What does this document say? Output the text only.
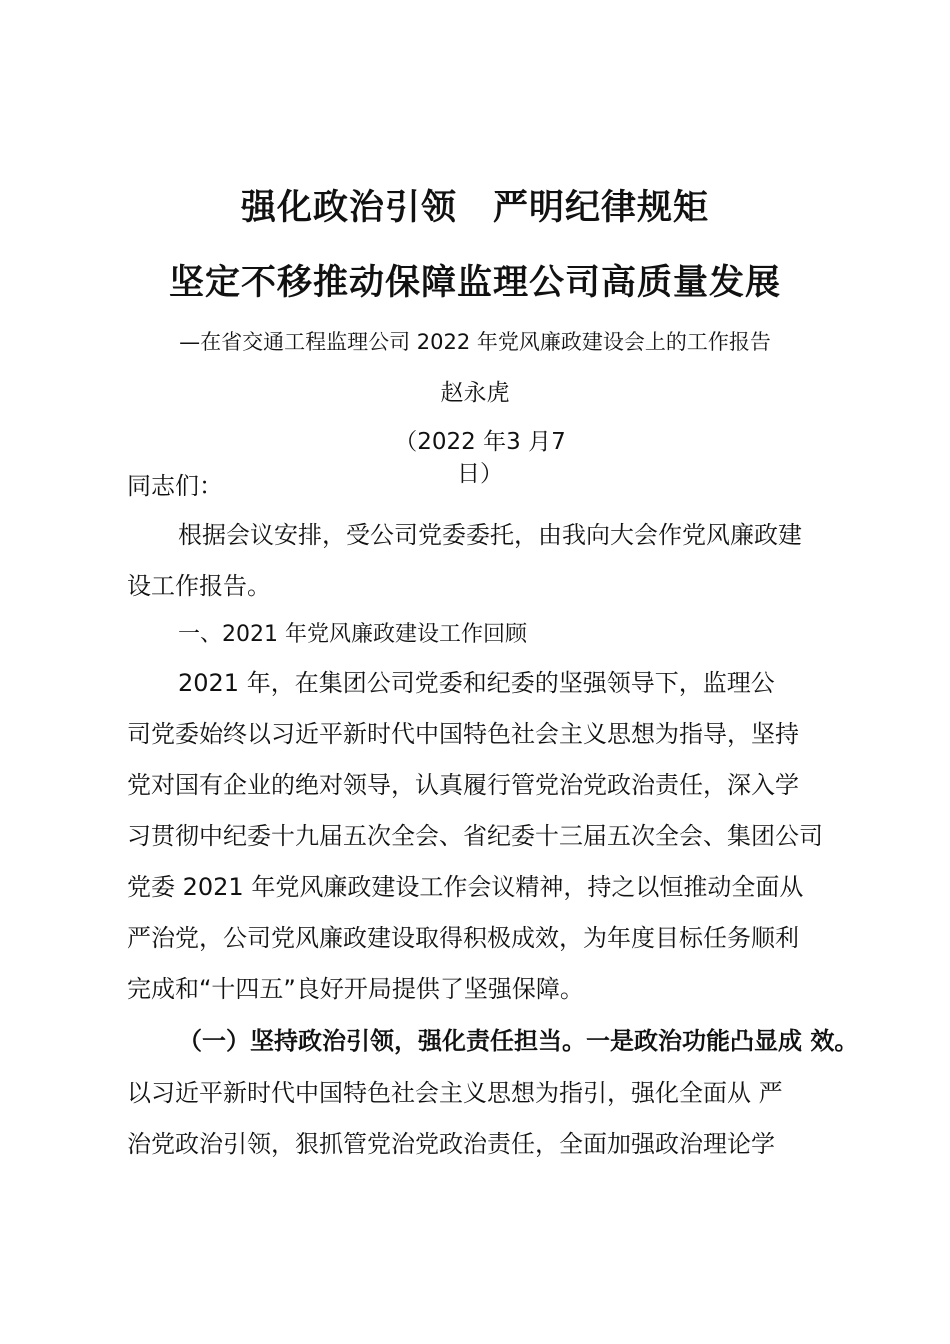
强化政治引领　严明纪律规矩
坚定不移推动保障监理公司高质量发展
—在省交通工程监理公司 2022 年党风廉政建设会上的工作报告
赵永虎
（2022 年3 月7 日）
同志们：
根据会议安排，受公司党委委托，由我向大会作党风廉政建
设工作报告。
一、2021 年党风廉政建设工作回顾
2021 年，在集团公司党委和纪委的坚强领导下，监理公
司党委始终以习近平新时代中国特色社会主义思想为指导，坚持
党对国有企业的绝对领导，认真履行管党治党政治责任，深入学
习贯彻中纪委十九届五次全会、省纪委十三届五次全会、集团公司
党委 2021 年党风廉政建设工作会议精神，持之以恒推动全面从
严治党，公司党风廉政建设取得积极成效，为年度目标任务顺利
完成和“十四五”良好开局提供了坚强保障。
（一）坚持政治引领，强化责任担当。一是政治功能凸显成 效。
以习近平新时代中国特色社会主义思想为指引，强化全面从 严
治党政治引领，狠抓管党治党政治责任，全面加强政治理论学
